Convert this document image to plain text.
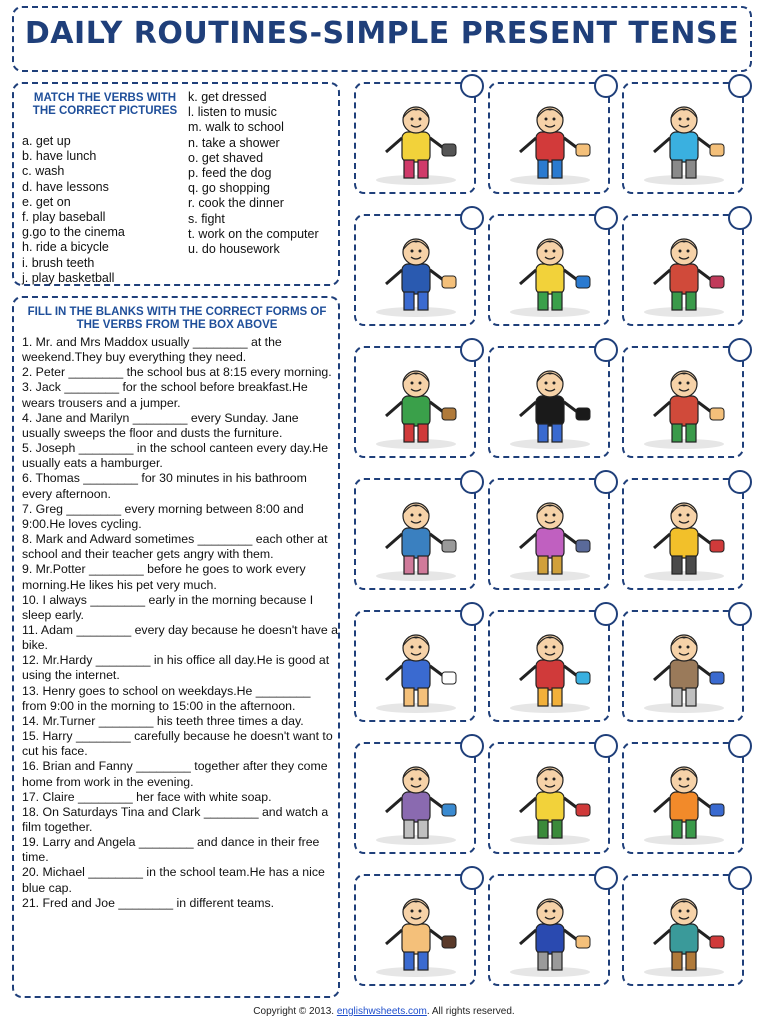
DAILY ROUTINES-SIMPLE PRESENT TENSE
MATCH THE VERBS WITH THE CORRECT PICTURES
a. get up
b. have lunch
c. wash
d. have lessons
e. get on
f. play baseball
g.go to the cinema
h. ride a bicycle
i. brush teeth
j. play basketball
k. get dressed
l. listen to music
m. walk to school
n. take a shower
o. get shaved
p. feed the dog
q. go shopping
r. cook the dinner
s. fight
t. work on the computer
u. do housework
FILL IN THE BLANKS WITH THE CORRECT FORMS OF THE VERBS FROM THE BOX ABOVE
1. Mr. and Mrs Maddox usually ________ at the weekend.They buy everything they need.
2. Peter ________ the school bus at 8:15 every morning.
3. Jack ________ for the school before breakfast.He wears trousers and a jumper.
4. Jane and Marilyn ________ every Sunday. Jane usually sweeps the floor and dusts the furniture.
5. Joseph ________ in the school canteen every day.He usually eats a hamburger.
6. Thomas ________ for 30 minutes in his bathroom every afternoon.
7. Greg ________ every morning between 8:00 and 9:00.He loves cycling.
8. Mark and Adward sometimes ________ each other at school and their teacher gets angry with them.
9. Mr.Potter ________ before he goes to work every morning.He likes his pet very much.
10. I always ________ early in the morning because I sleep early.
11. Adam ________ every day because he doesn't have a bike.
12. Mr.Hardy ________ in his office all day.He is good at using the internet.
13. Henry goes to school on weekdays.He ________ from 9:00 in the morning to 15:00 in the afternoon.
14. Mr.Turner ________ his teeth three times a day.
15. Harry ________ carefully because he doesn't want to cut his face.
16. Brian and Fanny ________ together after they come home from work in the evening.
17. Claire ________ her face with white soap.
18. On Saturdays Tina and Clark ________ and watch a film together.
19. Larry and Angela ________ and dance in their free time.
20. Michael ________ in the school team.He has a nice blue cap.
21. Fred and Joe ________ in different teams.
Copyright © 2013. englishwsheets.com. All rights reserved.
